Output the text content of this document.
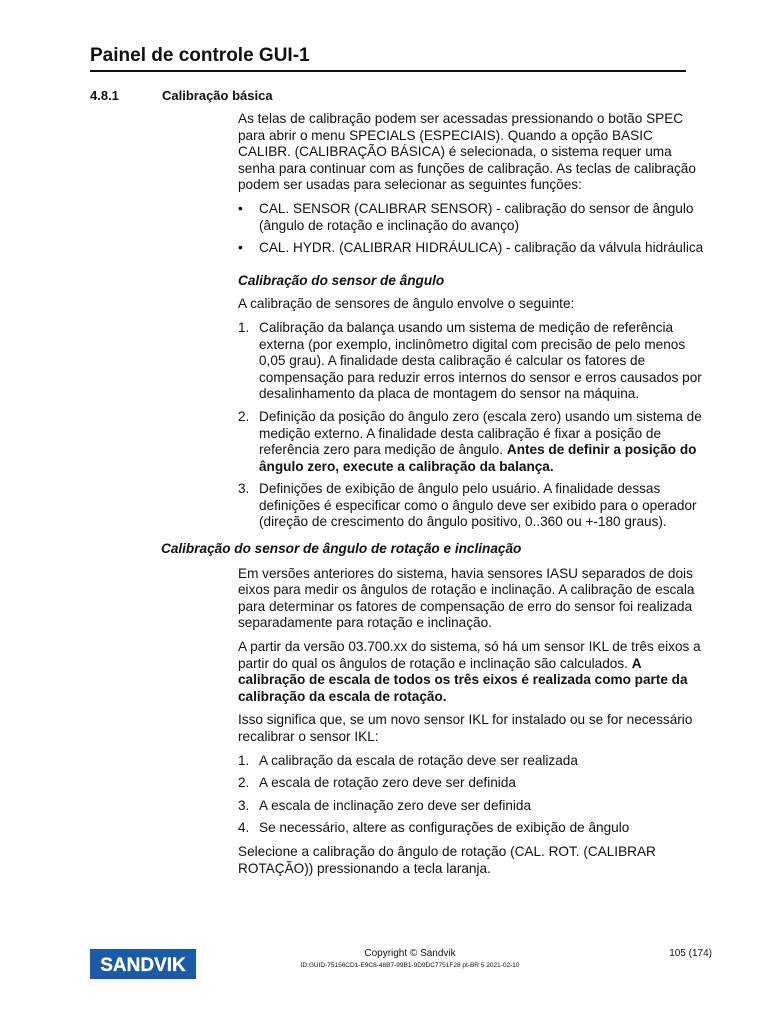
Painel de controle GUI-1
4.8.1	Calibração básica

As telas de calibração podem ser acessadas pressionando o botão SPEC para abrir o menu SPECIALS (ESPECIAIS). Quando a opção BASIC CALIBR. (CALIBRAÇÃO BÁSICA) é selecionada, o sistema requer uma senha para continuar com as funções de calibração. As teclas de calibração podem ser usadas para selecionar as seguintes funções:

• CAL. SENSOR (CALIBRAR SENSOR) - calibração do sensor de ângulo (ângulo de rotação e inclinação do avanço)
• CAL. HYDR. (CALIBRAR HIDRÁULICA) - calibração da válvula hidráulica
Calibração do sensor de ângulo

A calibração de sensores de ângulo envolve o seguinte:

1. Calibração da balança usando um sistema de medição de referência externa (por exemplo, inclinômetro digital com precisão de pelo menos 0,05 grau). A finalidade desta calibração é calcular os fatores de compensação para reduzir erros internos do sensor e erros causados por desalinhamento da placa de montagem do sensor na máquina.
2. Definição da posição do ângulo zero (escala zero) usando um sistema de medição externo. A finalidade desta calibração é fixar a posição de referência zero para medição de ângulo. Antes de definir a posição do ângulo zero, execute a calibração da balança.
3. Definições de exibição de ângulo pelo usuário. A finalidade dessas definições é especificar como o ângulo deve ser exibido para o operador (direção de crescimento do ângulo positivo, 0..360 ou +-180 graus).
Calibração do sensor de ângulo de rotação e inclinação

Em versões anteriores do sistema, havia sensores IASU separados de dois eixos para medir os ângulos de rotação e inclinação. A calibração de escala para determinar os fatores de compensação de erro do sensor foi realizada separadamente para rotação e inclinação.

A partir da versão 03.700.xx do sistema, só há um sensor IKL de três eixos a partir do qual os ângulos de rotação e inclinação são calculados. A calibração de escala de todos os três eixos é realizada como parte da calibração da escala de rotação.

Isso significa que, se um novo sensor IKL for instalado ou se for necessário recalibrar o sensor IKL:

1. A calibração da escala de rotação deve ser realizada
2. A escala de rotação zero deve ser definida
3. A escala de inclinação zero deve ser definida
4. Se necessário, altere as configurações de exibição de ângulo

Selecione a calibração do ângulo de rotação (CAL. ROT. (CALIBRAR ROTAÇÃO)) pressionando a tecla laranja.

SANDVIK
Copyright © Sandvik
ID:GUID-75156CD1-E9C8-48B7-99B1-9D9DC7751F28 pt-BR 5 2021-02-10
105 (174)
